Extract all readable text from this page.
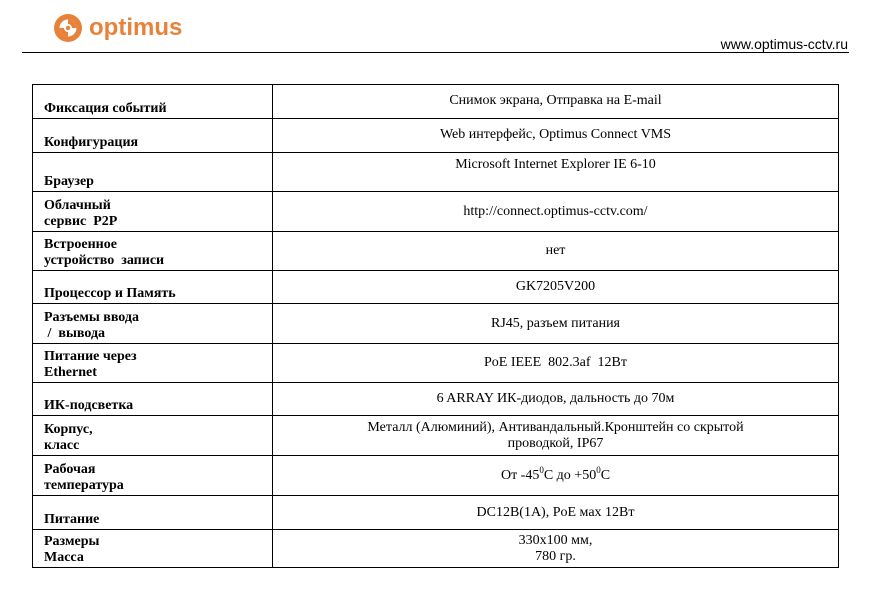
optimus
www.optimus-cctv.ru
Фиксация событий	Снимок экрана, Отправка на E-mail

Конфигурация	Web интерфейс, Optimus Connect VMS

Браузер	Microsoft Internet Explorer IE 6-10

Облачный
сервис  P2P	http://connect.optimus-cctv.com/

Встроенное
устройство  записи	нет

Процессор и Память	GK7205V200

Разъемы ввода
/  вывода	RJ45, разъем питания

Питание через
Ethernet	PoE IEEE  802.3af  12Вт

ИК-подсветка	6 ARRAY ИК-диодов, дальность до 70м

Корпус,
класс	Металл (Алюминий), Антивандальный.Кронштейн со скрытой
проводкой, IP67

Рабочая
температура	От $-45^0С$ до $+50^0С$

Питание	DC12В(1А), PoE мах 12Вт

Размеры
Масса	330х100 мм,
780 гр.
